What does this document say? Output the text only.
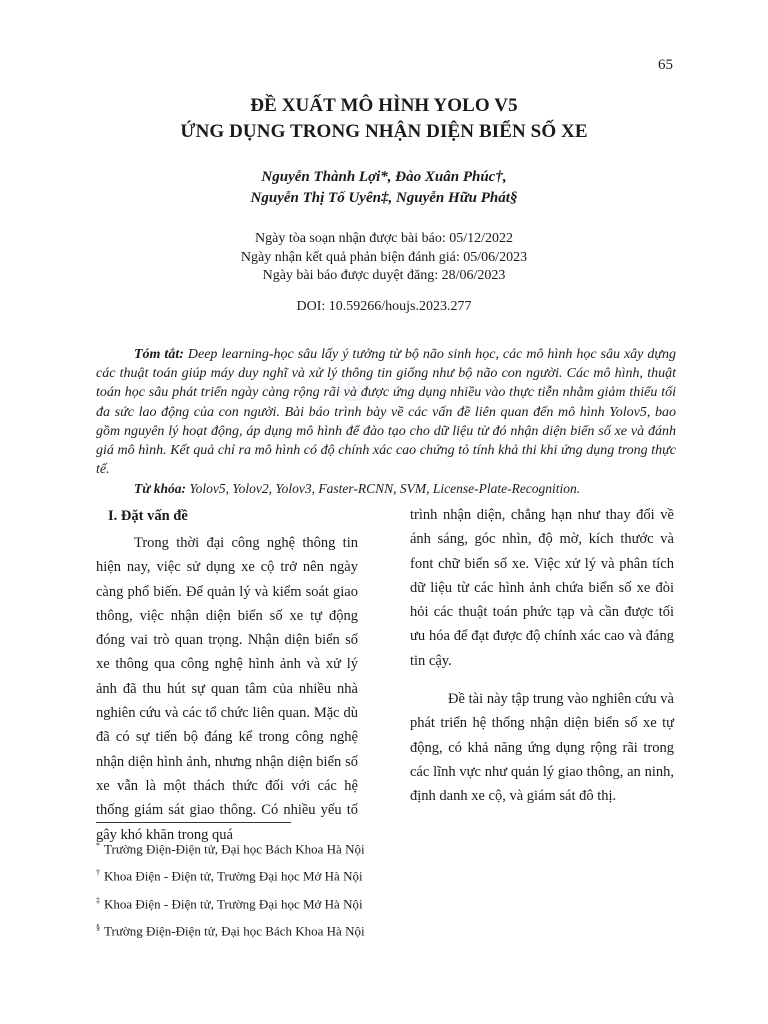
65
◎
ĐỀ XUẤT MÔ HÌNH YOLO V5
ỨNG DỤNG TRONG NHẬN DIỆN BIỂN SỐ XE
Nguyễn Thành Lợi*, Đào Xuân Phúc†,
Nguyễn Thị Tố Uyên‡, Nguyễn Hữu Phát§
Ngày tòa soạn nhận được bài báo: 05/12/2022
Ngày nhận kết quả phản biện đánh giá: 05/06/2023
Ngày bài báo được duyệt đăng: 28/06/2023
DOI: 10.59266/houjs.2023.277
Tóm tắt: Deep learning-học sâu lấy ý tưởng từ bộ não sinh học, các mô hình học sâu xây dựng các thuật toán giúp máy duy nghĩ và xử lý thông tin giống như bộ não con người. Các mô hình, thuật toán học sâu phát triển ngày càng rộng rãi và được ứng dụng nhiều vào thực tiễn nhằm giảm thiểu tối đa sức lao động của con người. Bài báo trình bày về các vấn đề liên quan đến mô hình Yolov5, bao gồm nguyên lý hoạt động, áp dụng mô hình để đào tạo cho dữ liệu từ đó nhận diện biển số xe và đánh giá mô hình. Kết quả chỉ ra mô hình có độ chính xác cao chứng tỏ tính khả thi khi ứng dụng trong thực tế.
Từ khóa: Yolov5, Yolov2, Yolov3, Faster-RCNN, SVM, License-Plate-Recognition.
I. Đặt vấn đề

Trong thời đại công nghệ thông tin hiện nay, việc sử dụng xe cộ trở nên ngày càng phổ biến. Để quản lý và kiểm soát giao thông, việc nhận diện biển số xe tự động đóng vai trò quan trọng. Nhận diện biển số xe thông qua công nghệ hình ảnh và xử lý ảnh đã thu hút sự quan tâm của nhiều nhà nghiên cứu và các tổ chức liên quan. Mặc dù đã có sự tiến bộ đáng kể trong công nghệ nhận diện hình ảnh, nhưng nhận diện biển số xe vẫn là một thách thức đối với các hệ thống giám sát giao thông. Có nhiều yếu tố gây khó khăn trong quá

trình nhận diện, chẳng hạn như thay đổi về ánh sáng, góc nhìn, độ mờ, kích thước và font chữ biển số xe. Việc xử lý và phân tích dữ liệu từ các hình ảnh chứa biển số xe đòi hỏi các thuật toán phức tạp và cần được tối ưu hóa để đạt được độ chính xác cao và đáng tin cậy.

Đề tài này tập trung vào nghiên cứu và phát triển hệ thống nhận diện biển số xe tự động, có khả năng ứng dụng rộng rãi trong các lĩnh vực như quản lý giao thông, an ninh, định danh xe cộ, và giám sát đô thị.

* Trường Điện-Điện tử, Đại học Bách Khoa Hà Nội
† Khoa Điện - Điện tử, Trường Đại học Mở Hà Nội
‡ Khoa Điện - Điện tử, Trường Đại học Mở Hà Nội
§ Trường Điện-Điện tử, Đại học Bách Khoa Hà Nội
